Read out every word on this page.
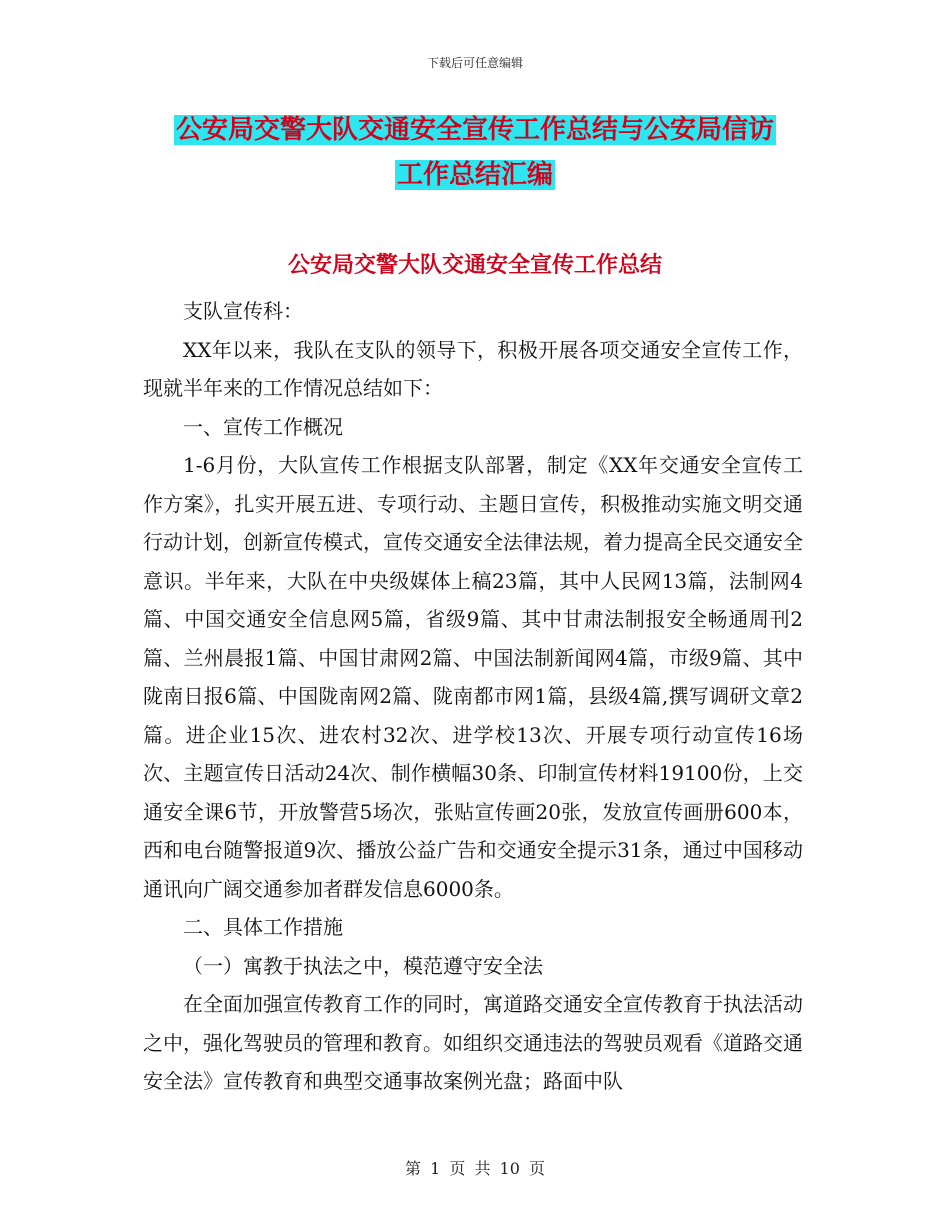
下载后可任意编辑
公安局交警大队交通安全宣传工作总结与公安局信访
工作总结汇编
公安局交警大队交通安全宣传工作总结

支队宣传科：

XX年以来，我队在支队的领导下，积极开展各项交通安全宣传工作，现就半年来的工作情况总结如下：

一、宣传工作概况

1-6月份，大队宣传工作根据支队部署，制定《XX年交通安全宣传工作方案》，扎实开展五进、专项行动、主题日宣传，积极推动实施文明交通行动计划，创新宣传模式，宣传交通安全法律法规，着力提高全民交通安全意识。半年来，大队在中央级媒体上稿23篇，其中人民网13篇，法制网4篇、中国交通安全信息网5篇，省级9篇、其中甘肃法制报安全畅通周刊2篇、兰州晨报1篇、中国甘肃网2篇、中国法制新闻网4篇，市级9篇、其中陇南日报6篇、中国陇南网2篇、陇南都市网1篇，县级4篇,撰写调研文章2篇。进企业15次、进农村32次、进学校13次、开展专项行动宣传16场次、主题宣传日活动24次、制作横幅30条、印制宣传材料19100份，上交通安全课6节，开放警营5场次，张贴宣传画20张，发放宣传画册600本，西和电台随警报道9次、播放公益广告和交通安全提示31条，通过中国移动通讯向广阔交通参加者群发信息6000条。

二、具体工作措施

（一）寓教于执法之中，模范遵守安全法

在全面加强宣传教育工作的同时，寓道路交通安全宣传教育于执法活动之中，强化驾驶员的管理和教育。如组织交通违法的驾驶员观看《道路交通安全法》宣传教育和典型交通事故案例光盘；路面中队

第 1 页 共 10 页
